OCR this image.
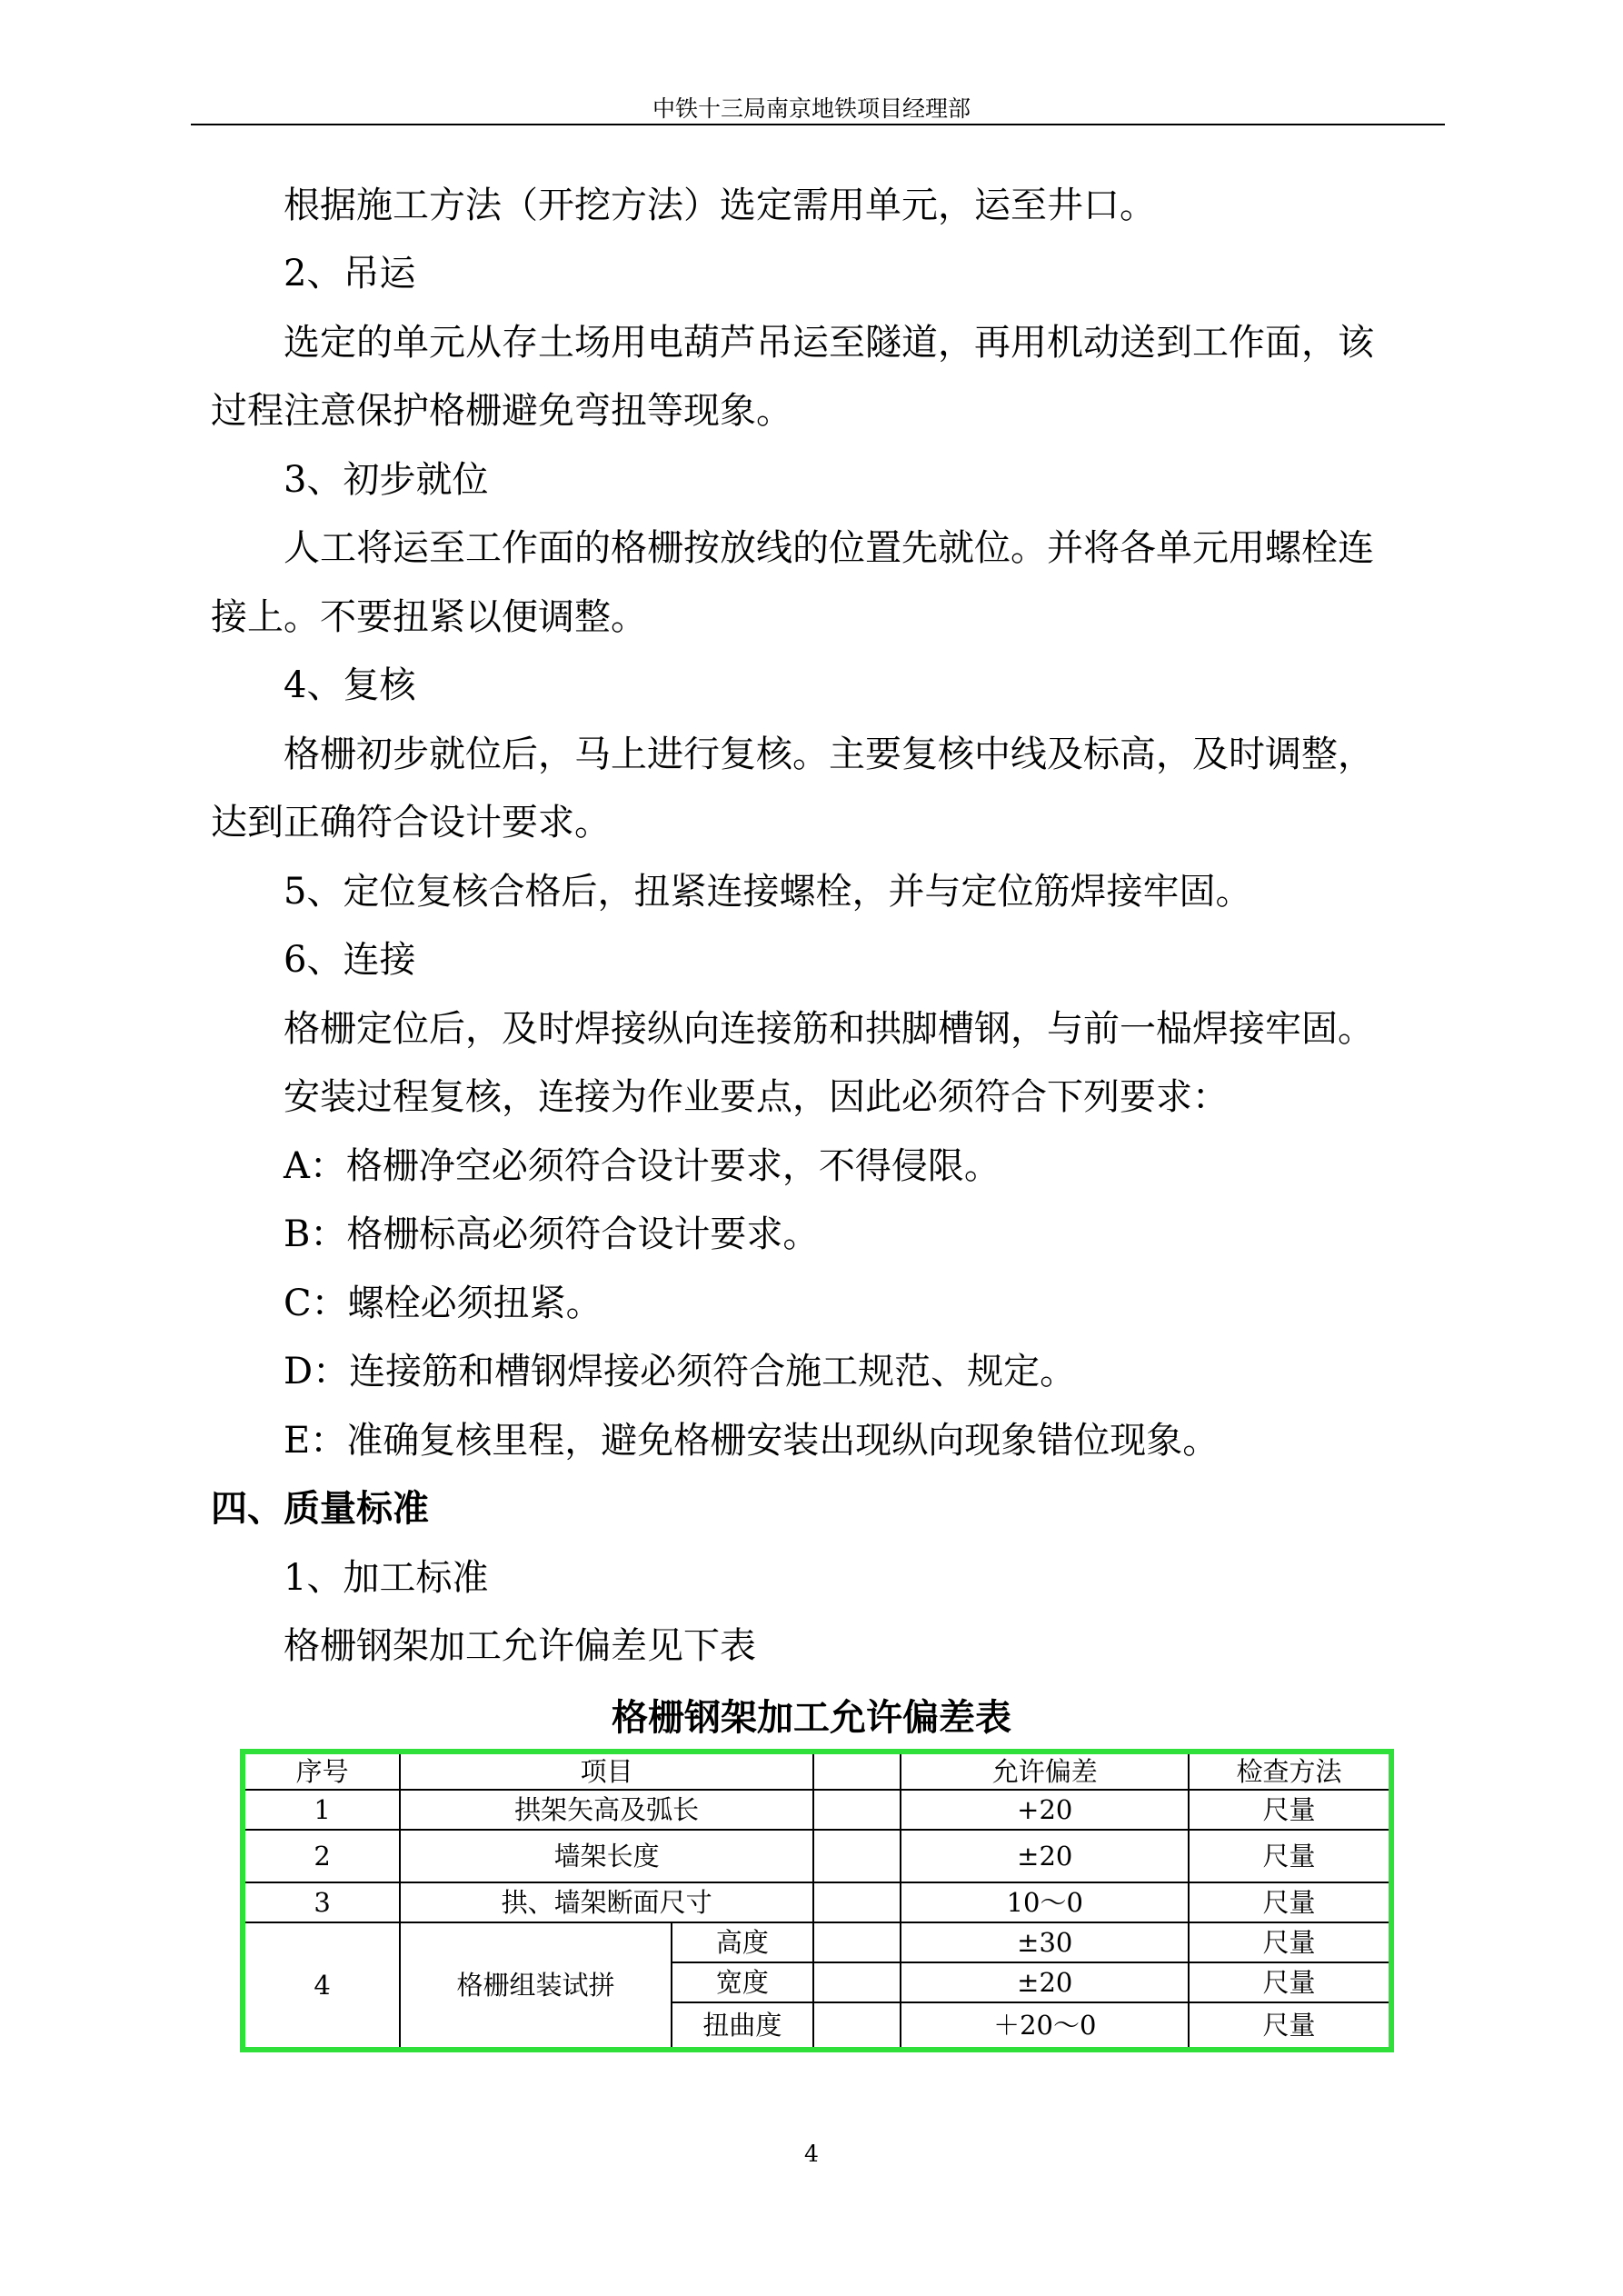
中铁十三局南京地铁项目经理部
根据施工方法（开挖方法）选定需用单元，运至井口。
2、吊运
选定的单元从存土场用电葫芦吊运至隧道，再用机动送到工作面，该
过程注意保护格栅避免弯扭等现象。
3、初步就位
人工将运至工作面的格栅按放线的位置先就位。并将各单元用螺栓连
接上。不要扭紧以便调整。
4、复核
格栅初步就位后，马上进行复核。主要复核中线及标高，及时调整，
达到正确符合设计要求。
5、定位复核合格后，扭紧连接螺栓，并与定位筋焊接牢固。
6、连接
格栅定位后，及时焊接纵向连接筋和拱脚槽钢，与前一榀焊接牢固。
安装过程复核，连接为作业要点，因此必须符合下列要求：
A：格栅净空必须符合设计要求，不得侵限。
B：格栅标高必须符合设计要求。
C：螺栓必须扭紧。
D：连接筋和槽钢焊接必须符合施工规范、规定。
E：准确复核里程，避免格栅安装出现纵向现象错位现象。
四、质量标准
1、加工标准
格栅钢架加工允许偏差见下表
格栅钢架加工允许偏差表
序号	项目			允许偏差	检查方法
1	拱架矢高及弧长			+20	尺量
2	墙架长度			±20	尺量
3	拱、墙架断面尺寸			10～0	尺量
4	格栅组装试拼	高度		±30	尺量
		宽度		±20	尺量
		扭曲度		＋20～0	尺量
4
